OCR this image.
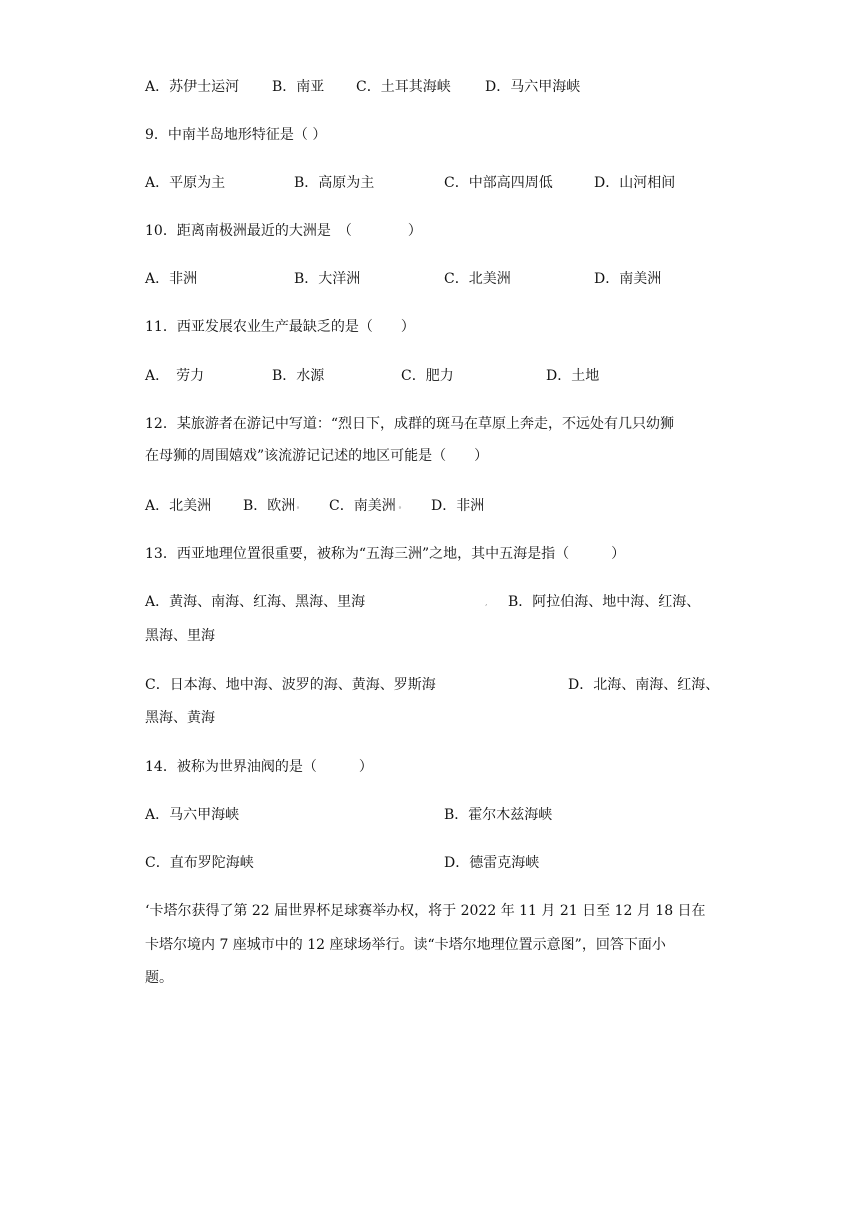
A．苏伊士运河 B．南亚 C．土耳其海峡 D．马六甲海峡
9．中南半岛地形特征是（ ）
A．平原为主	B．高原为主	C．中部高四周低	D．山河相间
10．距离南极洲最近的大洲是　（　　　　）
A．非洲	B．大洋洲	C．北美洲	D．南美洲
11．西亚发展农业生产最缺乏的是（　　）
A．　劳力	B．水源	C．肥力	D．土地
12．某旅游者在游记中写道：“烈日下，成群的斑马在草原上奔走，不远处有几只幼狮
在母狮的周围嬉戏”该流游记记述的地区可能是（　　）
A．北美洲 B．欧洲 ∘ C．南美洲 ∘ D．非洲
13．西亚地理位置很重要，被称为“五海三洲”之地，其中五海是指（　　　）
A．黄海、南海、红海、黑海、里海	, B．阿拉伯海、地中海、红海、
黑海、里海
C．日本海、地中海、波罗的海、黄海、罗斯海	D．北海、南海、红海、
黑海、黄海
14．被称为世界油阀的是（　　　）
A．马六甲海峡	B．霍尔木兹海峡
C．直布罗陀海峡	D．德雷克海峡
‘卡塔尔获得了第 22 届世界杯足球赛举办权，将于 2022 年 11 月 21 日至 12 月 18 日在
卡塔尔境内 7 座城市中的 12 座球场举行。读“卡塔尔地理位置示意图”，回答下面小
题。
